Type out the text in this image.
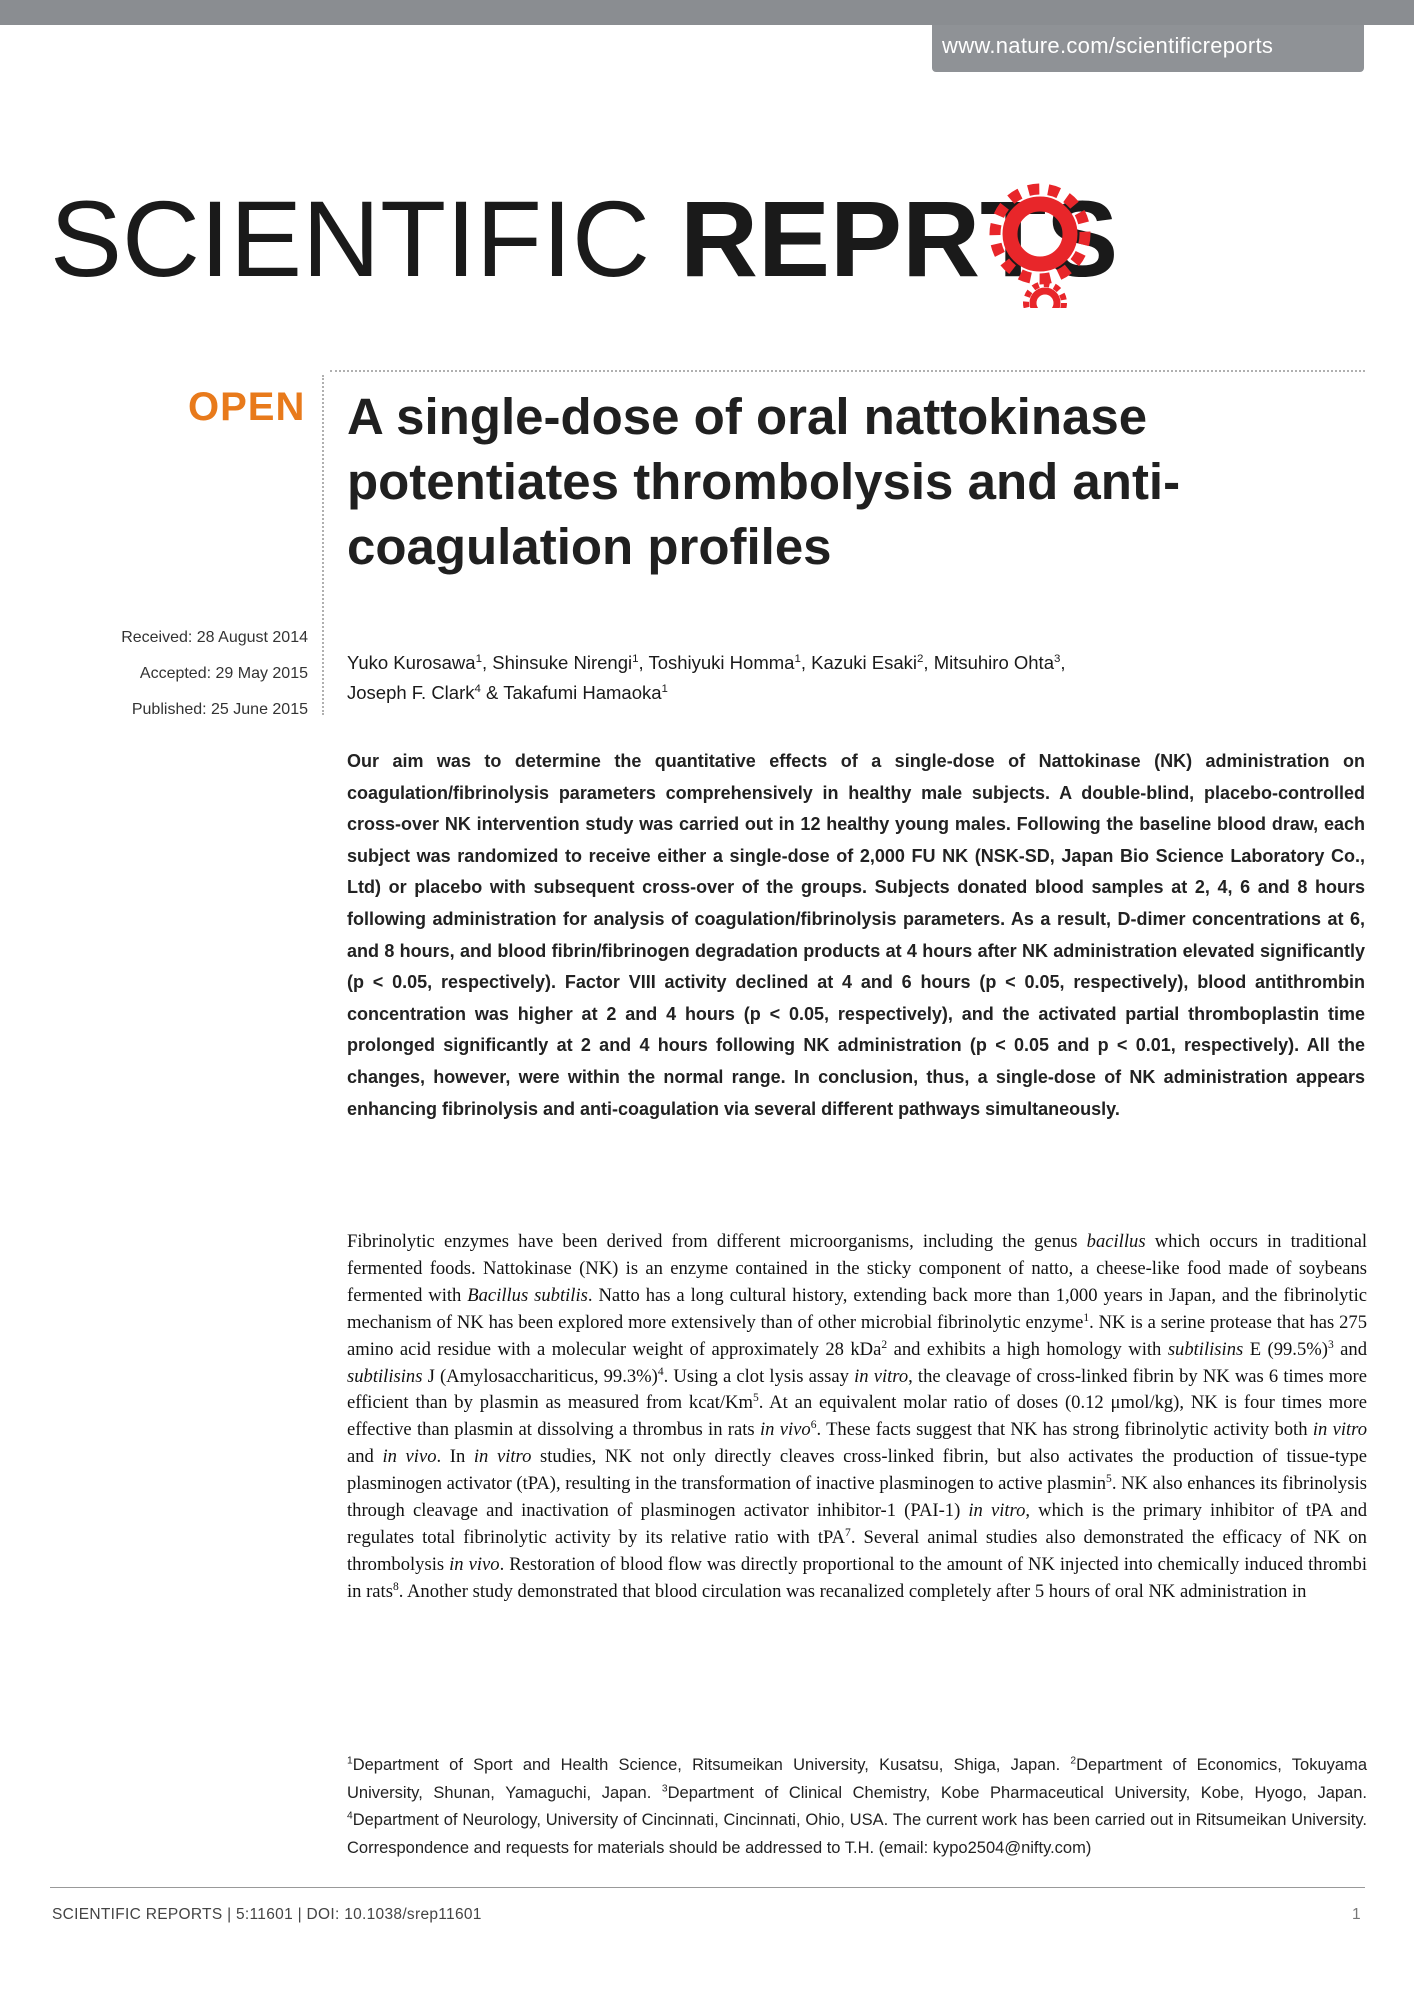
www.nature.com/scientificreports
SCIENTIFIC REPRTS
OPEN A single-dose of oral nattokinase potentiates thrombolysis and anti-coagulation profiles
Received: 28 August 2014
Accepted: 29 May 2015
Published: 25 June 2015
Yuko Kurosawa$^1$, Shinsuke Nirengi$^1$, Toshiyuki Homma$^1$, Kazuki Esaki$^2$, Mitsuhiro Ohta$^3$,
Joseph F. Clark$^4$ & Takafumi Hamaoka$^1$
Our aim was to determine the quantitative effects of a single-dose of Nattokinase (NK) administration on coagulation/fibrinolysis parameters comprehensively in healthy male subjects. A double-blind, placebo-controlled cross-over NK intervention study was carried out in 12 healthy young males. Following the baseline blood draw, each subject was randomized to receive either a single-dose of 2,000 FU NK (NSK-SD, Japan Bio Science Laboratory Co., Ltd) or placebo with subsequent cross-over of the groups. Subjects donated blood samples at 2, 4, 6 and 8 hours following administration for analysis of coagulation/fibrinolysis parameters. As a result, D-dimer concentrations at 6, and 8 hours, and blood fibrin/fibrinogen degradation products at 4 hours after NK administration elevated significantly (p < 0.05, respectively). Factor VIII activity declined at 4 and 6 hours (p < 0.05, respectively), blood antithrombin concentration was higher at 2 and 4 hours (p < 0.05, respectively), and the activated partial thromboplastin time prolonged significantly at 2 and 4 hours following NK administration (p < 0.05 and p < 0.01, respectively). All the changes, however, were within the normal range. In conclusion, thus, a single-dose of NK administration appears enhancing fibrinolysis and anti-coagulation via several different pathways simultaneously.
Fibrinolytic enzymes have been derived from different microorganisms, including the genus bacillus which occurs in traditional fermented foods. Nattokinase (NK) is an enzyme contained in the sticky component of natto, a cheese-like food made of soybeans fermented with Bacillus subtilis. Natto has a long cultural history, extending back more than 1,000 years in Japan, and the fibrinolytic mechanism of NK has been explored more extensively than of other microbial fibrinolytic enzyme$^1$. NK is a serine protease that has 275 amino acid residue with a molecular weight of approximately 28 kDa$^2$ and exhibits a high homology with subtilisins E $(99.5\%)^3$ and subtilisins J (Amylosacchariticus, 99.3%)$^4$. Using a clot lysis assay in vitro, the cleavage of cross-linked fibrin by NK was 6 times more efficient than by plasmin as measured from kcat/Km$^5$. At an equivalent molar ratio of doses (0.12 μmol/kg), NK is four times more effective than plasmin at dissolving a thrombus in rats in vivo$^6$. These facts suggest that NK has strong fibrinolytic activity both in vitro and in vivo. In in vitro studies, NK not only directly cleaves cross-linked fibrin, but also activates the production of tissue-type plasminogen activator (tPA), resulting in the transformation of inactive plasminogen to active plasmin$^5$. NK also enhances its fibrinolysis through cleavage and inactivation of plasminogen activator inhibitor-1 (PAI-1) in vitro, which is the primary inhibitor of tPA and regulates total fibrinolytic activity by its relative ratio with tPA$^7$. Several animal studies also demonstrated the efficacy of NK on thrombolysis in vivo. Restoration of blood flow was directly proportional to the amount of NK injected into chemically induced thrombi in rats$^8$. Another study demonstrated that blood circulation was recanalized completely after 5 hours of oral NK administration in
$^1$Department of Sport and Health Science, Ritsumeikan University, Kusatsu, Shiga, Japan. $^2$Department of Economics, Tokuyama University, Shunan, Yamaguchi, Japan. $^3$Department of Clinical Chemistry, Kobe Pharmaceutical University, Kobe, Hyogo, Japan. $^4$Department of Neurology, University of Cincinnati, Cincinnati, Ohio, USA. The current work has been carried out in Ritsumeikan University. Correspondence and requests for materials should be addressed to T.H. (email: kypo2504@nifty.com)
SCIENTIFIC REPORTS | 5:11601 | DOI: 10.1038/srep11601	1
